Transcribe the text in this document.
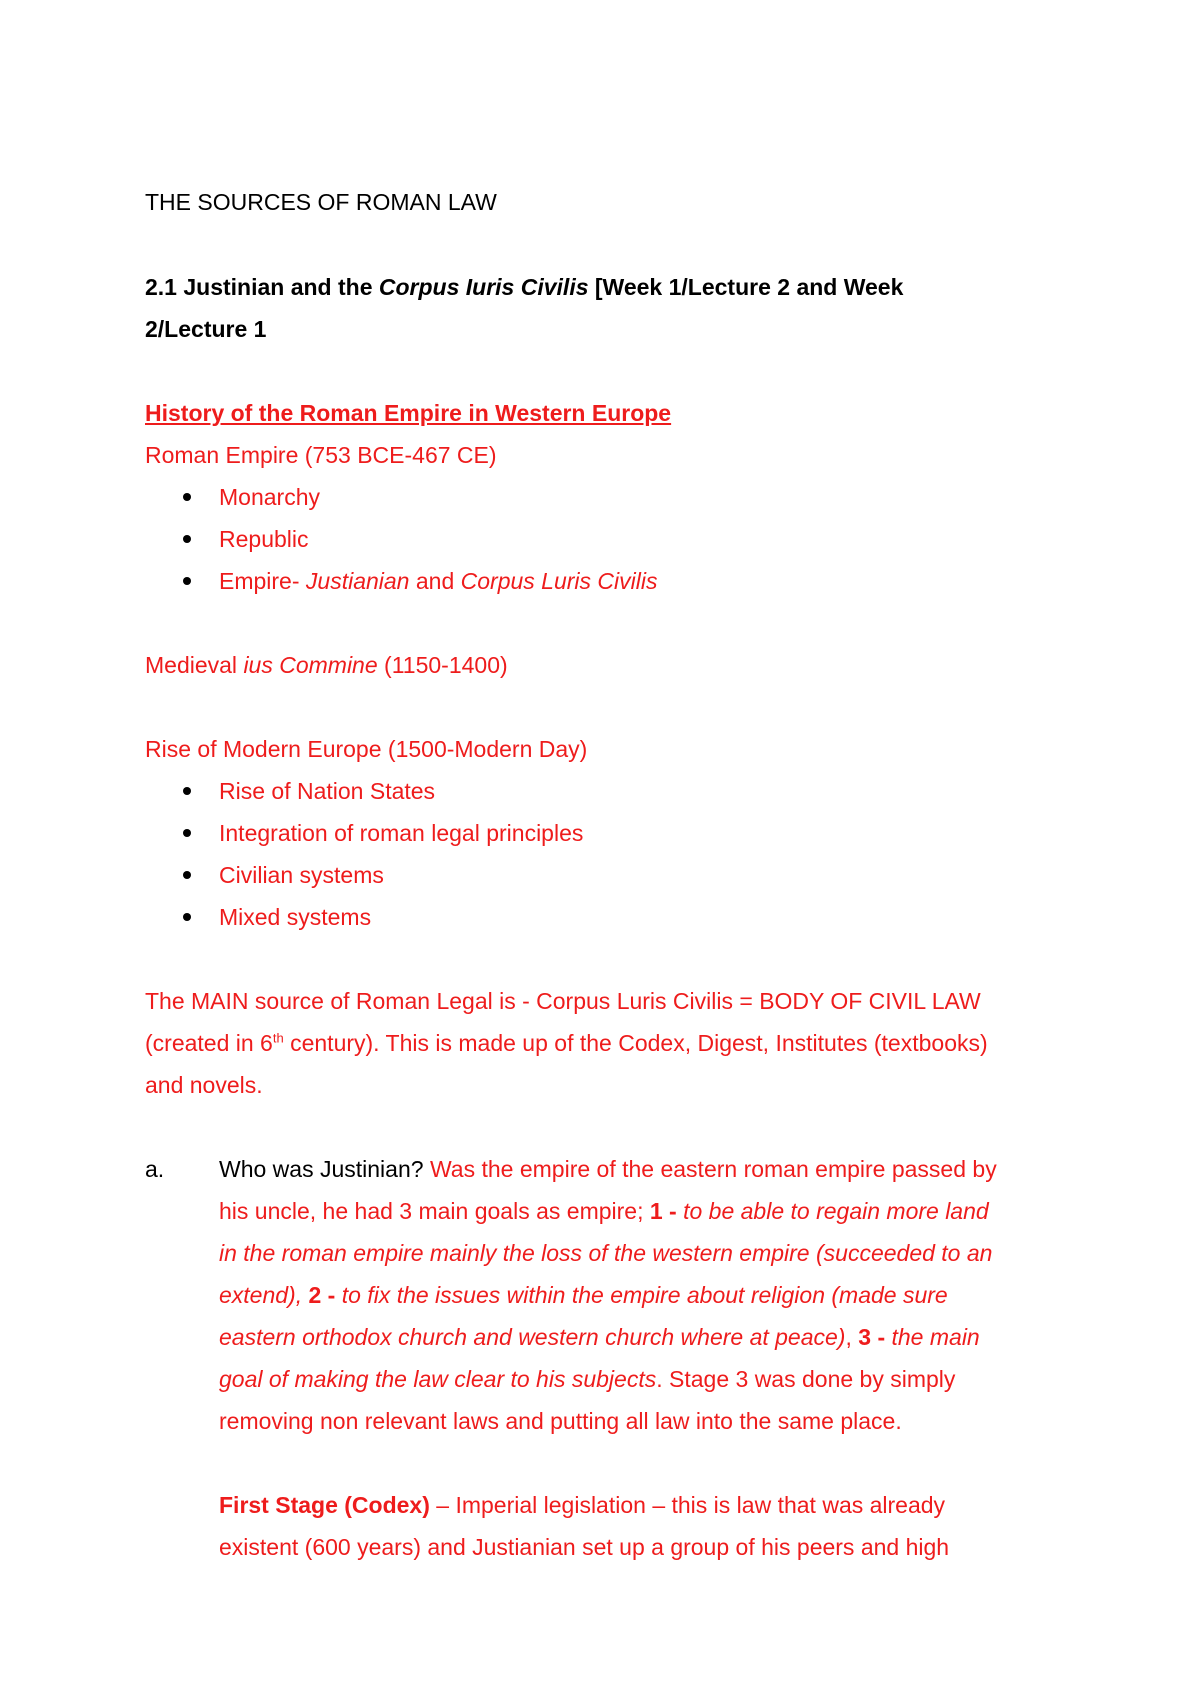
THE SOURCES OF ROMAN LAW
2.1 Justinian and the Corpus Iuris Civilis [Week 1/Lecture 2 and Week
2/Lecture 1
History of the Roman Empire in Western Europe
Roman Empire (753 BCE-467 CE)
Monarchy
Republic
Empire- Justianian and Corpus Luris Civilis
Medieval ius Commine (1150-1400)
Rise of Modern Europe (1500-Modern Day)
Rise of Nation States
Integration of roman legal principles
Civilian systems
Mixed systems
The MAIN source of Roman Legal is - Corpus Luris Civilis = BODY OF CIVIL LAW
(created in 6th century). This is made up of the Codex, Digest, Institutes (textbooks)
and novels.
a. Who was Justinian? Was the empire of the eastern roman empire passed by
his uncle, he had 3 main goals as empire; 1 - to be able to regain more land
in the roman empire mainly the loss of the western empire (succeeded to an
extend), 2 - to fix the issues within the empire about religion (made sure
eastern orthodox church and western church where at peace), 3 - the main
goal of making the law clear to his subjects. Stage 3 was done by simply
removing non relevant laws and putting all law into the same place.
First Stage (Codex) – Imperial legislation – this is law that was already
existent (600 years) and Justianian set up a group of his peers and high
